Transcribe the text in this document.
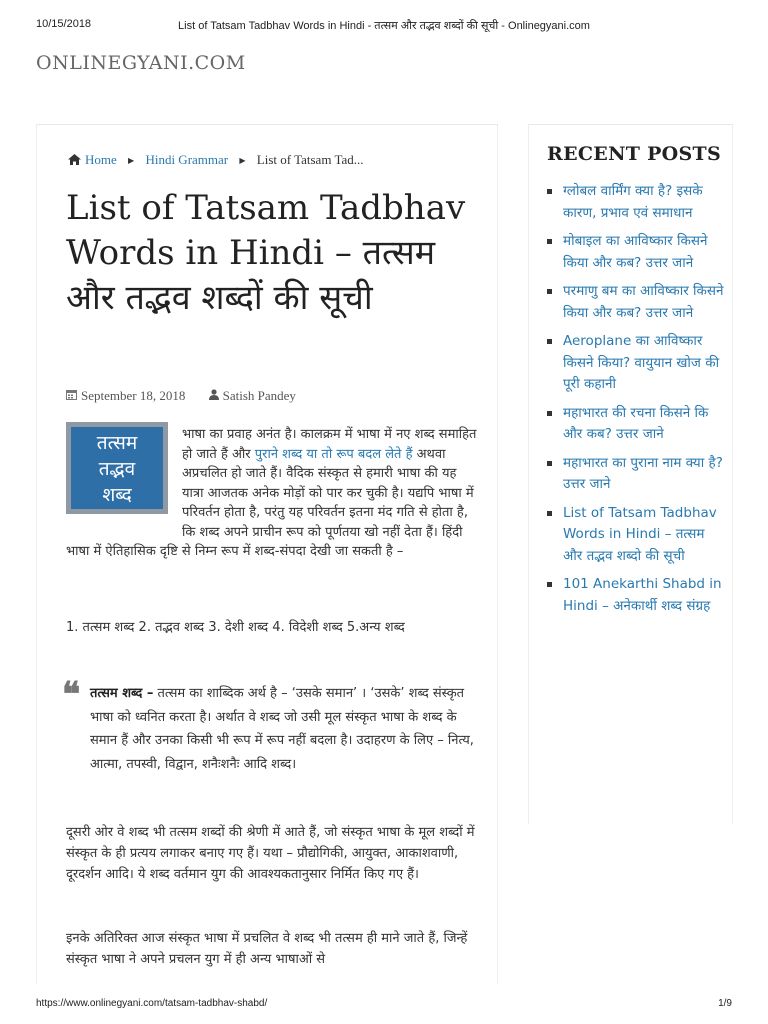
10/15/2018	List of Tatsam Tadbhav Words in Hindi - तत्सम और तद्भव शब्दों की सूची - Onlinegyani.com
ONLINEGYANI.COM
Home ▶ Hindi Grammar ▶ List of Tatsam Tad...
List of Tatsam Tadbhav Words in Hindi – तत्सम और तद्भव शब्दों की सूची
September 18, 2018
	Satish Pandey
तत्सम
तद्भव
शब्द
भाषा का प्रवाह अनंत है। कालक्रम में भाषा में नए शब्द समाहित हो जाते हैं और पुराने शब्द या तो रूप बदल लेते हैं अथवा अप्रचलित हो जाते हैं। वैदिक संस्कृत से हमारी भाषा की यह यात्रा आजतक अनेक मोड़ों को पार कर चुकी है। यद्यपि भाषा में परिवर्तन होता है, परंतु यह परिवर्तन इतना मंद गति से होता है, कि शब्द अपने प्राचीन रूप को पूर्णतया खो नहीं देता हैं। हिंदी भाषा में ऐतिहासिक दृष्टि से निम्न रूप में शब्द-संपदा देखी जा सकती है –
1. तत्सम शब्द 2. तद्भव शब्द 3. देशी शब्द 4. विदेशी शब्द 5.अन्य शब्द
❝ तत्सम शब्द – तत्सम का शाब्दिक अर्थ है – ‘उसके समान’ । ‘उसके’ शब्द संस्कृत भाषा को ध्वनित करता है। अर्थात वे शब्द जो उसी मूल संस्कृत भाषा के शब्द के समान हैं और उनका किसी भी रूप में रूप नहीं बदला है। उदाहरण के लिए – नित्य, आत्मा, तपस्वी, विद्वान, शनैःशनैः आदि शब्द।

दूसरी ओर वे शब्द भी तत्सम शब्दों की श्रेणी में आते हैं, जो संस्कृत भाषा के मूल शब्दों में संस्कृत के ही प्रत्यय लगाकर बनाए गए हैं। यथा – प्रौद्योगिकी, आयुक्त, आकाशवाणी, दूरदर्शन आदि। ये शब्द वर्तमान युग की आवश्यकतानुसार निर्मित किए गए हैं।

इनके अतिरिक्त आज संस्कृत भाषा में प्रचलित वे शब्द भी तत्सम ही माने जाते हैं, जिन्हें संस्कृत भाषा ने अपने प्रचलन युग में ही अन्य भाषाओं से

RECENT POSTS
ग्लोबल वार्मिंग क्या है? इसके कारण, प्रभाव एवं समाधान
मोबाइल का आविष्कार किसने किया और कब? उत्तर जाने
परमाणु बम का आविष्कार किसने किया और कब? उत्तर जाने
Aeroplane का आविष्कार किसने किया? वायुयान खोज की पूरी कहानी
महाभारत की रचना किसने कि और कब? उत्तर जाने
महाभारत का पुराना नाम क्या है? उत्तर जाने
List of Tatsam Tadbhav Words in Hindi – तत्सम और तद्भव शब्दो की सूची
101 Anekarthi Shabd in Hindi – अनेकार्थी शब्द संग्रह
https://www.onlinegyani.com/tatsam-tadbhav-shabd/	1/9
